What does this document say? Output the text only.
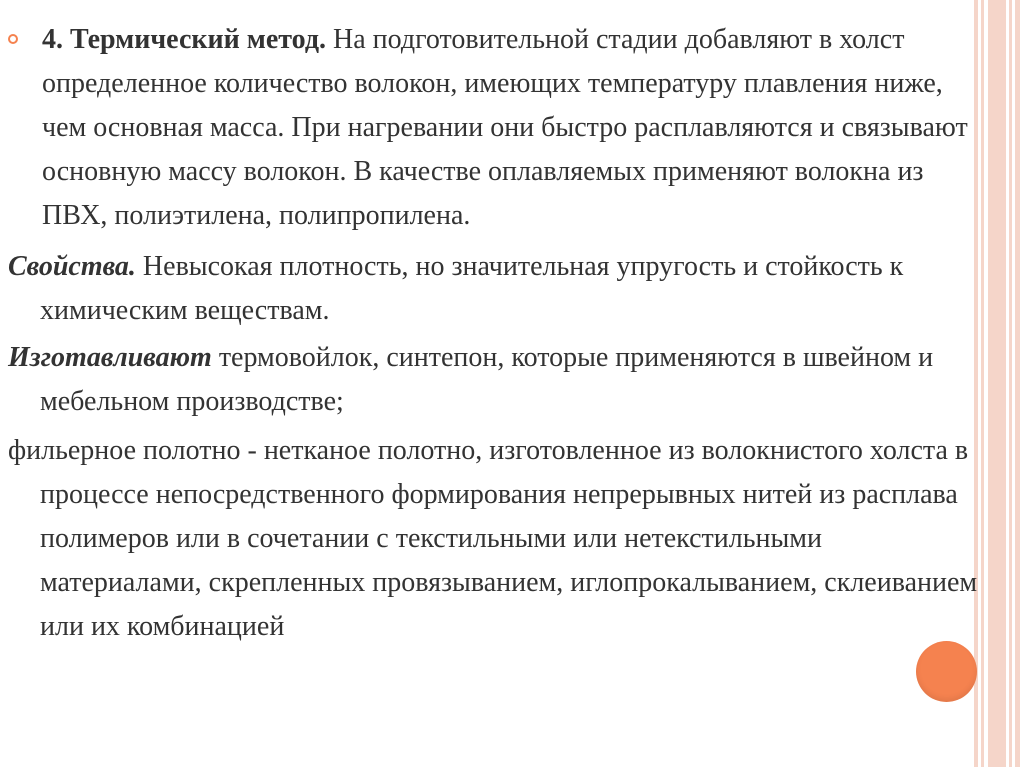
4. Термический метод. На подготовительной стадии добавляют в холст определенное количество волокон, имеющих температуру плавления ниже, чем основная масса. При нагревании они быстро расплавляются и связывают основную массу волокон. В качестве оплавляемых применяют волокна из ПВХ, полиэтилена, полипропилена.

Свойства. Невысокая плотность, но значительная упругость и стойкость к химическим веществам.

Изготавливают термовойлок, синтепон, которые применяются в швейном и мебельном производстве;

фильерное полотно - нетканое полотно, изготовленное из волокнистого холста в процессе непосредственного формирования непрерывных нитей из расплава полимеров или в сочетании с текстильными или нетекстильными материалами, скрепленных провязыванием, иглопрокалыванием, склеиванием или их комбинацией
